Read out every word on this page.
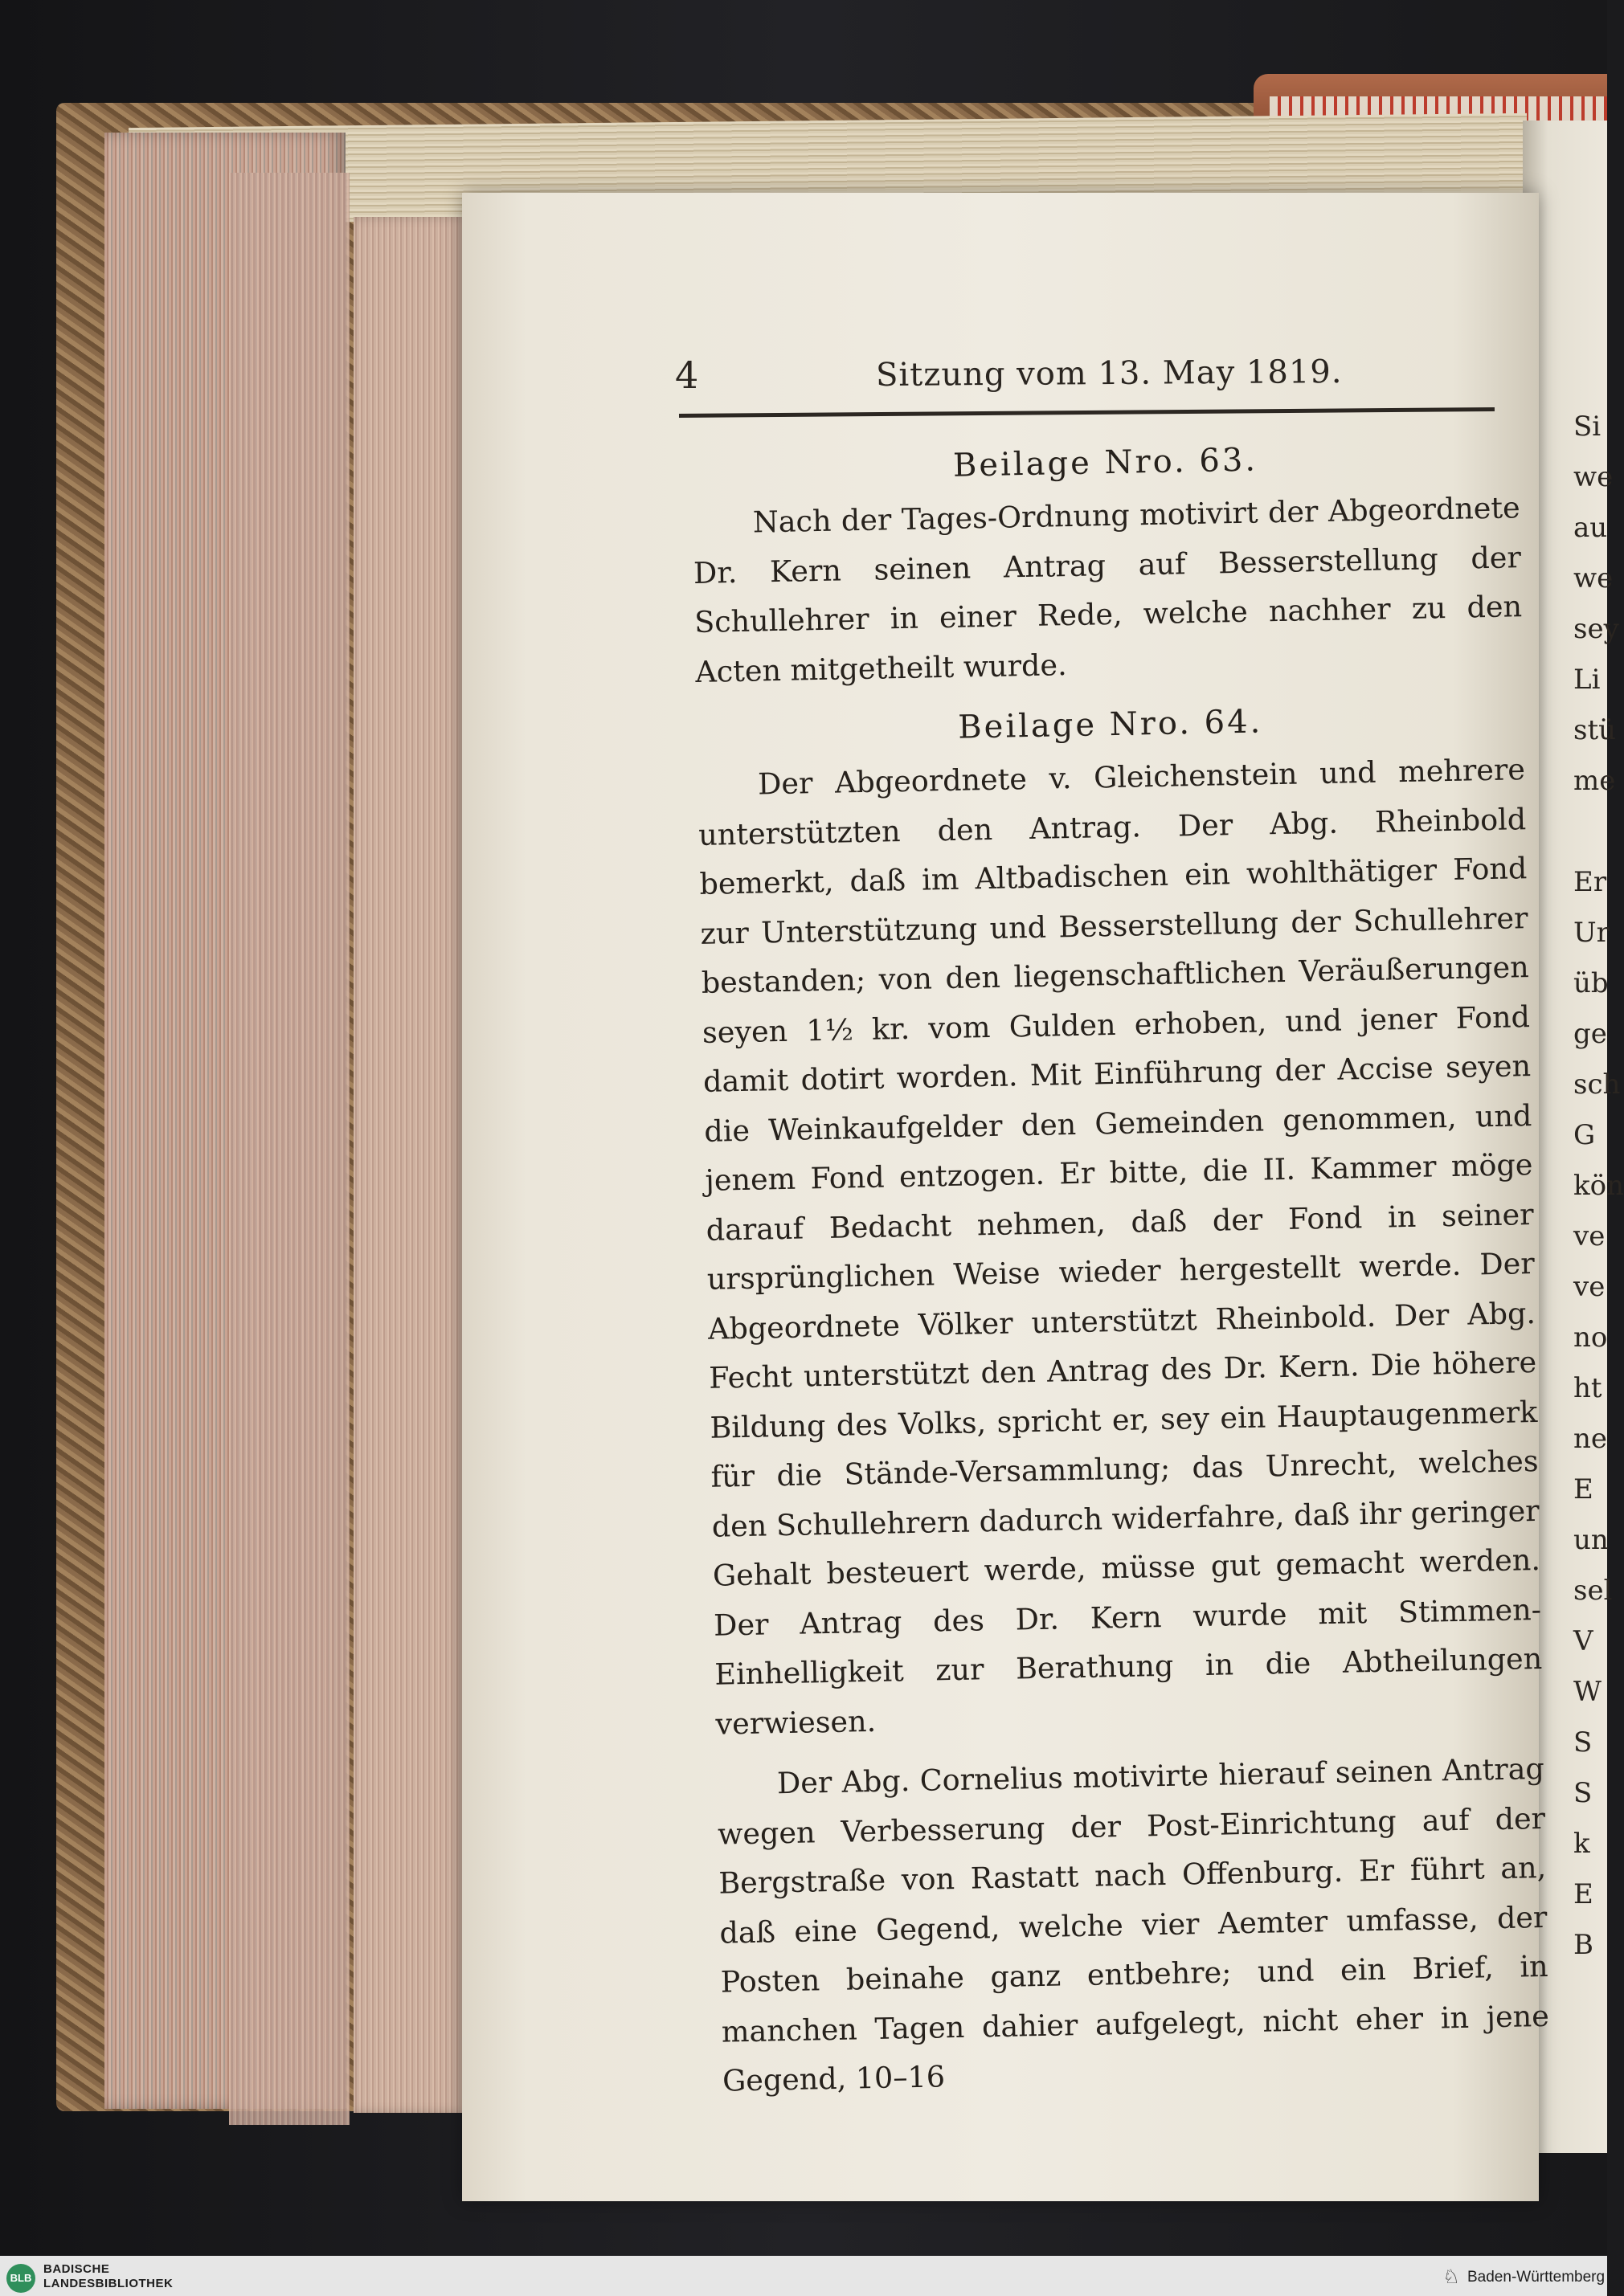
Si
we
au
we
sey
Li
stü
me

Er
Ur
üb
ge
sch
G
kön
ve
ve
no
ht
ne
E
un
sel
V
W
S
S
k
E
B
4	Sitzung vom 13. May 1819.
Beilage Nro. 63.

Nach der Tages-Ordnung motivirt der Abgeordnete Dr. Kern seinen Antrag auf Besserstellung der Schullehrer in einer Rede, welche nachher zu den Acten mitgetheilt wurde.

Beilage Nro. 64.

Der Abgeordnete v. Gleichenstein und mehrere unterstützten den Antrag. Der Abg. Rheinbold bemerkt, daß im Altbadischen ein wohlthätiger Fond zur Unterstützung und Besserstellung der Schullehrer bestanden; von den liegenschaftlichen Veräußerungen seyen 1½ kr. vom Gulden erhoben, und jener Fond damit dotirt worden. Mit Einführung der Accise seyen die Weinkaufgelder den Gemeinden genommen, und jenem Fond entzogen. Er bitte, die II. Kammer möge darauf Bedacht nehmen, daß der Fond in seiner ursprünglichen Weise wieder hergestellt werde. Der Abgeordnete Völker unterstützt Rheinbold. Der Abg. Fecht unterstützt den Antrag des Dr. Kern. Die höhere Bildung des Volks, spricht er, sey ein Hauptaugenmerk für die Stände-Versammlung; das Unrecht, welches den Schullehrern dadurch widerfahre, daß ihr geringer Gehalt besteuert werde, müsse gut gemacht werden. Der Antrag des Dr. Kern wurde mit Stimmen-Einhelligkeit zur Berathung in die Abtheilungen verwiesen.

Der Abg. Cornelius motivirte hierauf seinen Antrag wegen Verbesserung der Post-Einrichtung auf der Bergstraße von Rastatt nach Offenburg. Er führt an, daß eine Gegend, welche vier Aemter umfasse, der Posten beinahe ganz entbehre; und ein Brief, in manchen Tagen dahier aufgelegt, nicht eher in jene Gegend, 10–16

BLB
BADISCHE
LANDESBIBLIOTHEK	♘ Baden-Württemberg
